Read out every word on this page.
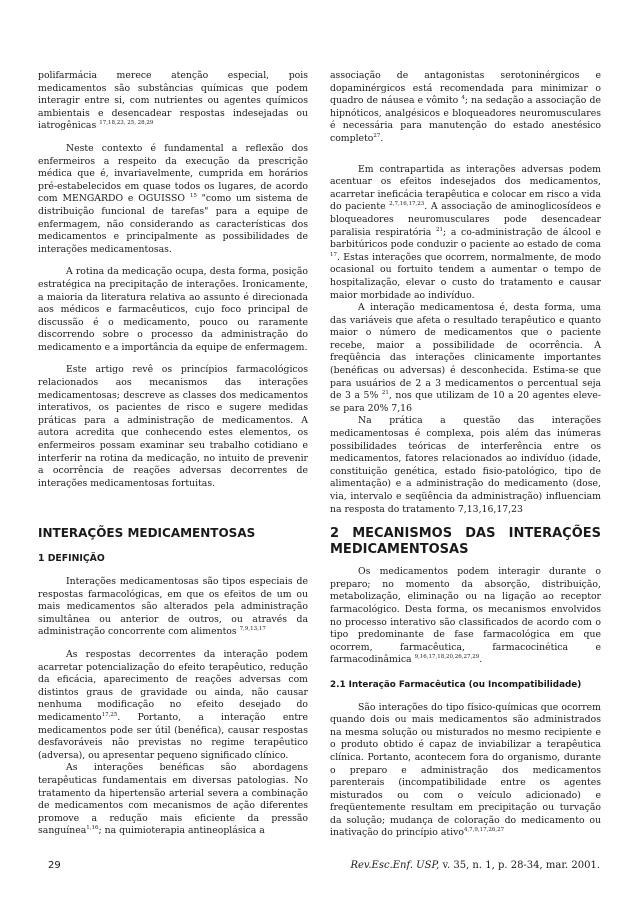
polifarmácia merece atenção especial, pois medicamentos são substâncias químicas que podem interagir entre si, com nutrientes ou agentes químicos ambientais e desencadear respostas indesejadas ou iatrogênicas $^{17,18,23, 25, 28,29}$

Neste contexto é fundamental a reflexão dos enfermeiros a respeito da execução da prescrição médica que é, invariavelmente, cumprida em horários pré-estabelecidos em quase todos os lugares, de acordo com MENGARDO e OGUISSO $^{15}$ "como um sistema de distribuição funcional de tarefas" para a equipe de enfermagem, não considerando as características dos medicamentos e principalmente as possibilidades de interações medicamentosas.

A rotina da medicação ocupa, desta forma, posição estratégica na precipitação de interações. Ironicamente, a maioria da literatura relativa ao assunto é direcionada aos médicos e farmacêuticos, cujo foco principal de discussão é o medicamento, pouco ou raramente discorrendo sobre o processo da administração do medicamento e a importância da equipe de enfermagem.

Este artigo revê os princípios farmacológicos relacionados aos mecanismos das interações medicamentosas; descreve as classes dos medicamentos interativos, os pacientes de risco e sugere medidas práticas para a administração de medicamentos. A autora acredita que conhecendo estes elementos, os enfermeiros possam examinar seu trabalho cotidiano e interferir na rotina da medicação, no intuito de prevenir a ocorrência de reações adversas decorrentes de interações medicamentosas fortuitas.

INTERAÇÕES MEDICAMENTOSAS

1 DEFINIÇÃO

Interações medicamentosas são tipos especiais de respostas farmacológicas, em que os efeitos de um ou mais medicamentos são alterados pela administração simultânea ou anterior de outros, ou através da administração concorrente com alimentos $^{7,9,13,17}$

As respostas decorrentes da interação podem acarretar potencialização do efeito terapêutico, redução da eficácia, aparecimento de reações adversas com distintos graus de gravidade ou ainda, não causar nenhuma modificação no efeito desejado do medicamento$^{17,25}$. Portanto, a interação entre medicamentos pode ser útil (benéfica), causar respostas desfavoráveis não previstas no regime terapêutico (adversa), ou apresentar pequeno significado clínico.

As interações benéficas são abordagens terapêuticas fundamentais em diversas patologias. No tratamento da hipertensão arterial severa a combinação de medicamentos com mecanismos de ação diferentes promove a redução mais eficiente da pressão sanguínea$^{1,16}$; na quimioterapia antineoplásica a

associação de antagonistas serotoninérgicos e dopaminérgicos está recomendada para minimizar o quadro de náusea e vômito $^4$; na sedação a associação de hipnóticos, analgésicos e bloqueadores neuromusculares é necessária para manutenção do estado anestésico completo$^{27}$.

Em contrapartida as interações adversas podem acentuar os efeitos indesejados dos medicamentos, acarretar ineficácia terapêutica e colocar em risco a vida do paciente $^{2,7,16,17,23}$. A associação de aminoglicosídeos e bloqueadores neuromusculares pode desencadear paralisia respiratória $^{21}$; a co-administração de álcool e barbitúricos pode conduzir o paciente ao estado de coma $^{17}$. Estas interações que ocorrem, normalmente, de modo ocasional ou fortuito tendem a aumentar o tempo de hospitalização, elevar o custo do tratamento e causar maior morbidade ao indivíduo.

A interação medicamentosa é, desta forma, uma das variáveis que afeta o resultado terapêutico e quanto maior o número de medicamentos que o paciente recebe, maior a possibilidade de ocorrência. A freqüência das interações clinicamente importantes (benéficas ou adversas) é desconhecida. Estima-se que para usuários de 2 a 3 medicamentos o percentual seja de 3 a 5% $^{21}$, nos que utilizam de 10 a 20 agentes eleve-se para 20% 7,16

Na prática a questão das interações medicamentosas é complexa, pois além das inúmeras possibilidades teóricas de interferência entre os medicamentos, fatores relacionados ao indivíduo (idade, constituição genética, estado fisio-patológico, tipo de alimentação) e a administração do medicamento (dose, via, intervalo e seqüência da administração) influenciam na resposta do tratamento 7,13,16,17,23

2 MECANISMOS DAS INTERAÇÕES MEDICAMENTOSAS

Os medicamentos podem interagir durante o preparo; no momento da absorção, distribuição, metabolização, eliminação ou na ligação ao receptor farmacológico. Desta forma, os mecanismos envolvidos no processo interativo são classificados de acordo com o tipo predominante de fase farmacológica em que ocorrem, farmacêutica, farmacocinética e farmacodinâmica $^{9,16,17,18,20,26,27,29}$.

2.1 Interação Farmacêutica (ou Incompatibilidade)

São interações do tipo físico-químicas que ocorrem quando dois ou mais medicamentos são administrados na mesma solução ou misturados no mesmo recipiente e o produto obtido é capaz de inviabilizar a terapêutica clínica. Portanto, acontecem fora do organismo, durante o preparo e administração dos medicamentos parenterais (incompatibilidade entre os agentes misturados ou com o veículo adicionado) e freqüentemente resultam em precipitação ou turvação da solução; mudança de coloração do medicamento ou inativação do princípio ativo$^{4,7,9,17,26,27}$

29	Rev.Esc.Enf. USP, v. 35, n. 1, p. 28-34, mar. 2001.
